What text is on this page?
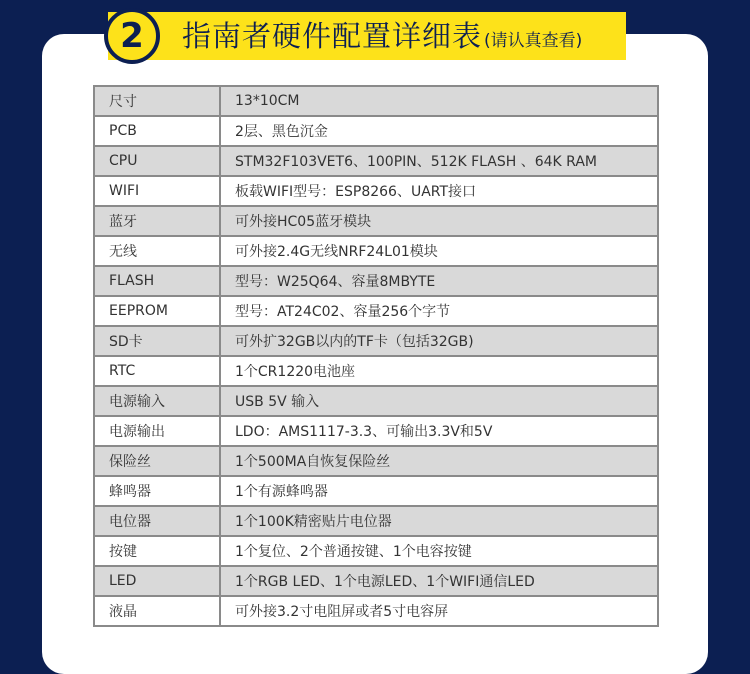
2	指南者硬件配置详细表 (请认真查看)
尺寸	13*10CM
PCB	2层、黑色沉金
CPU	STM32F103VET6、100PIN、512K FLASH 、64K RAM
WIFI	板载WIFI型号：ESP8266、UART接口
蓝牙	可外接HC05蓝牙模块
无线	可外接2.4G无线NRF24L01模块
FLASH	型号：W25Q64、容量8MBYTE
EEPROM	型号：AT24C02、容量256个字节
SD卡	可外扩32GB以内的TF卡（包括32GB)
RTC	1个CR1220电池座
电源输入	USB 5V 输入
电源输出	LDO：AMS1117-3.3、可输出3.3V和5V
保险丝	1个500MA自恢复保险丝
蜂鸣器	1个有源蜂鸣器
电位器	1个100K精密贴片电位器
按键	1个复位、2个普通按键、1个电容按键
LED	1个RGB LED、1个电源LED、1个WIFI通信LED
液晶	可外接3.2寸电阻屏或者5寸电容屏
